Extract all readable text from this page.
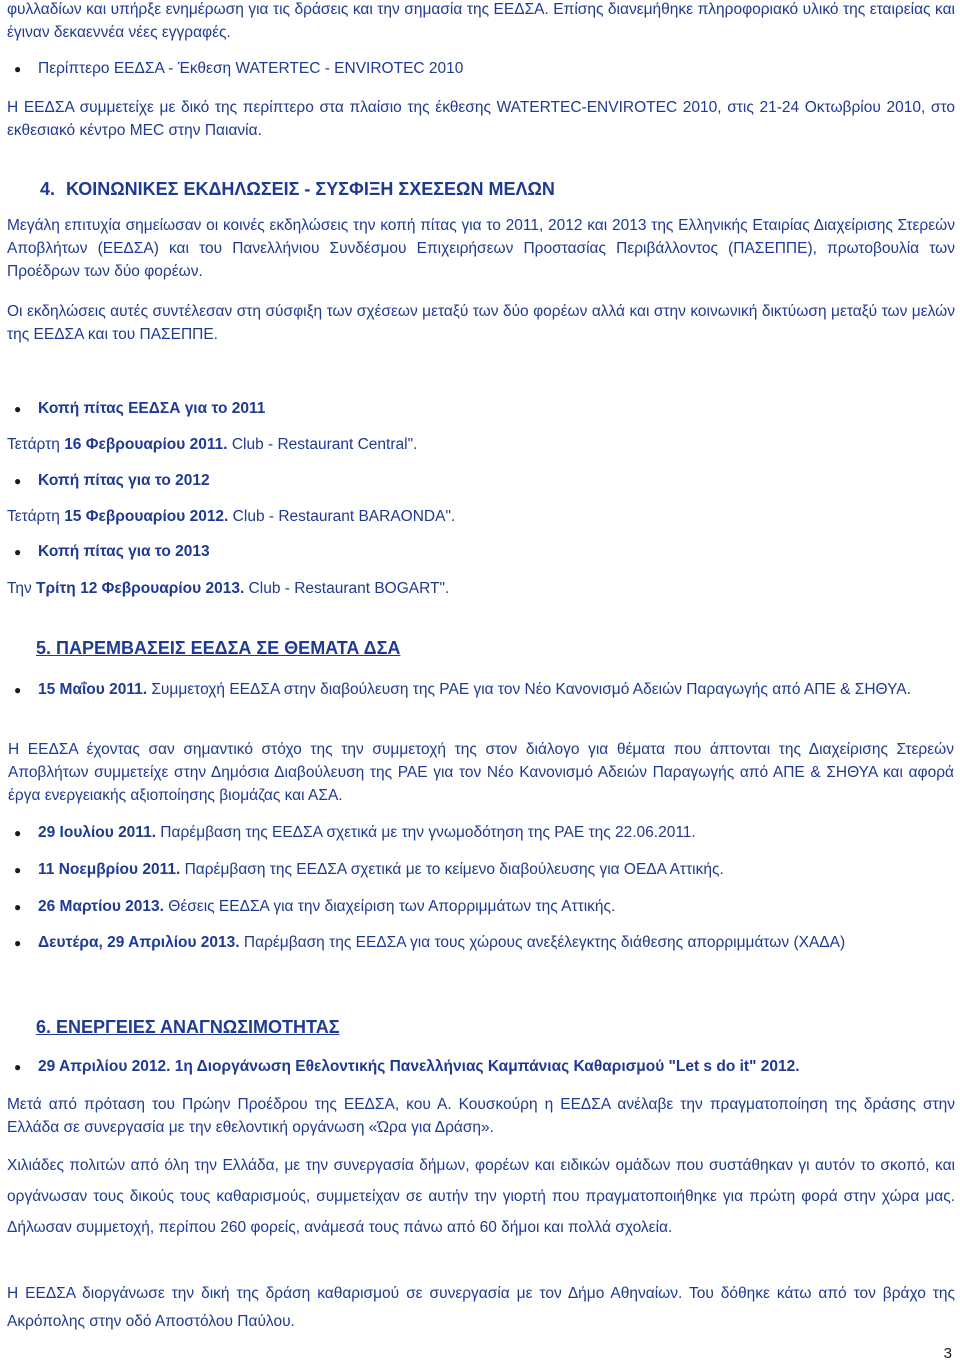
φυλλαδίων και υπήρξε ενημέρωση για τις δράσεις και την σημασία της ΕΕΔΣΑ. Επίσης διανεμήθηκε πληροφοριακό υλικό της εταιρείας και έγιναν δεκαεννέα νέες εγγραφές.

● Περίπτερο ΕΕΔΣΑ - Έκθεση WATERTEC - ENVIROTEC 2010

Η ΕΕΔΣΑ συμμετείχε με δικό της περίπτερο στα πλαίσιο της έκθεσης WATERTEC-ENVIROTEC 2010, στις 21-24 Οκτωβρίου 2010, στο εκθεσιακό κέντρο MEC στην Παιανία.

4. ΚΟΙΝΩΝΙΚΕΣ ΕΚΔΗΛΩΣΕΙΣ - ΣΥΣΦΙΞΗ ΣΧΕΣΕΩΝ ΜΕΛΩΝ

Μεγάλη επιτυχία σημείωσαν οι κοινές εκδηλώσεις την κοπή πίτας για το 2011, 2012 και 2013 της Ελληνικής Εταιρίας Διαχείρισης Στερεών Αποβλήτων (ΕΕΔΣΑ) και του Πανελλήνιου Συνδέσμου Επιχειρήσεων Προστασίας Περιβάλλοντος (ΠΑΣΕΠΠΕ), πρωτοβουλία των Προέδρων των δύο φορέων.

Οι εκδηλώσεις αυτές συντέλεσαν στη σύσφιξη των σχέσεων μεταξύ των δύο φορέων αλλά και στην κοινωνική δικτύωση μεταξύ των μελών της ΕΕΔΣΑ και του ΠΑΣΕΠΠΕ.

● Κοπή πίτας ΕΕΔΣΑ για το 2011

Τετάρτη 16 Φεβρουαρίου 2011. Club - Restaurant Central".

● Κοπή πίτας για το 2012

Τετάρτη 15 Φεβρουαρίου 2012. Club - Restaurant BARAONDA".

● Κοπή πίτας για το 2013

Την Τρίτη 12 Φεβρουαρίου 2013. Club - Restaurant BOGART".

5. ΠΑΡΕΜΒΑΣΕΙΣ ΕΕΔΣΑ ΣΕ ΘΕΜΑΤΑ ΔΣΑ
● 15 Μαΐου 2011. Συμμετοχή ΕΕΔΣΑ στην διαβούλευση της ΡΑΕ για τον Νέο Κανονισμό Αδειών Παραγωγής από ΑΠΕ & ΣΗΘΥΑ.

Η ΕΕΔΣΑ έχοντας σαν σημαντικό στόχο της την συμμετοχή της στον διάλογο για θέματα που άπτονται της Διαχείρισης Στερεών Αποβλήτων συμμετείχε στην Δημόσια Διαβούλευση της ΡΑΕ για τον Νέο Κανονισμό Αδειών Παραγωγής από ΑΠΕ & ΣΗΘΥΑ και αφορά έργα ενεργειακής αξιοποίησης βιομάζας και ΑΣΑ.

● 29 Ιουλίου 2011. Παρέμβαση της ΕΕΔΣΑ σχετικά με την γνωμοδότηση της ΡΑΕ της 22.06.2011.

● 11 Νοεμβρίου 2011. Παρέμβαση της ΕΕΔΣΑ σχετικά με το κείμενο διαβούλευσης για ΟΕΔΑ Αττικής.

● 26 Μαρτίου 2013. Θέσεις ΕΕΔΣΑ για την διαχείριση των Απορριμμάτων της Αττικής.

●	Δευτέρα, 29 Απριλίου 2013. Παρέμβαση της ΕΕΔΣΑ για τους χώρους ανεξέλεγκτης διάθεσης απορριμμάτων (ΧΑΔΑ)

6. ΕΝΕΡΓΕΙΕΣ ΑΝΑΓΝΩΣΙΜΟΤΗΤΑΣ
● 29 Απριλίου 2012. 1η Διοργάνωση Εθελοντικής Πανελλήνιας Καμπάνιας Καθαρισμού "Let s do it" 2012.

Μετά από πρόταση του Πρώην Προέδρου της ΕΕΔΣΑ, κου Α. Κουσκούρη η ΕΕΔΣΑ ανέλαβε την πραγματοποίηση της δράσης στην Ελλάδα σε συνεργασία με την εθελοντική οργάνωση «Ώρα για Δράση».

Χιλιάδες πολιτών από όλη την Ελλάδα, με την συνεργασία δήμων, φορέων και ειδικών ομάδων που συστάθηκαν γι αυτόν το σκοπό, και οργάνωσαν τους δικούς τους καθαρισμούς, συμμετείχαν σε αυτήν την γιορτή που πραγματοποιήθηκε για πρώτη φορά στην χώρα μας. Δήλωσαν συμμετοχή, περίπου 260 φορείς, ανάμεσά τους πάνω από 60 δήμοι και πολλά σχολεία.

Η ΕΕΔΣΑ διοργάνωσε την δική της δράση καθαρισμού σε συνεργασία με τον Δήμο Αθηναίων. Του δόθηκε κάτω από τον βράχο της Ακρόπολης στην οδό Αποστόλου Παύλου.

3
